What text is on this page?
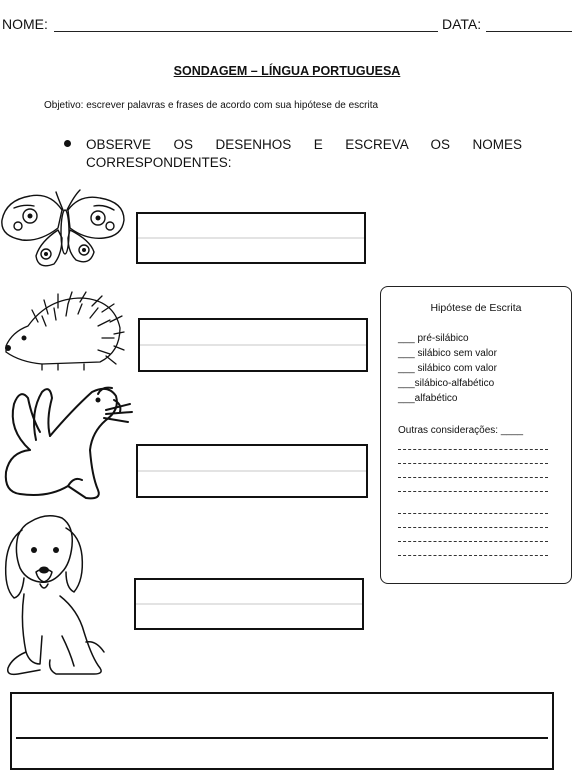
NOME:	DATA:
SONDAGEM – LÍNGUA PORTUGUESA
Objetivo: escrever palavras e frases de acordo com sua hipótese de escrita
OBSERVE OS DESENHOS E ESCREVA OS NOMES CORRESPONDENTES:
Hipótese de Escrita
___ pré-silábico
___ silábico sem valor
___ silábico com valor
___silábico-alfabético
___alfabético
Outras considerações: ____
